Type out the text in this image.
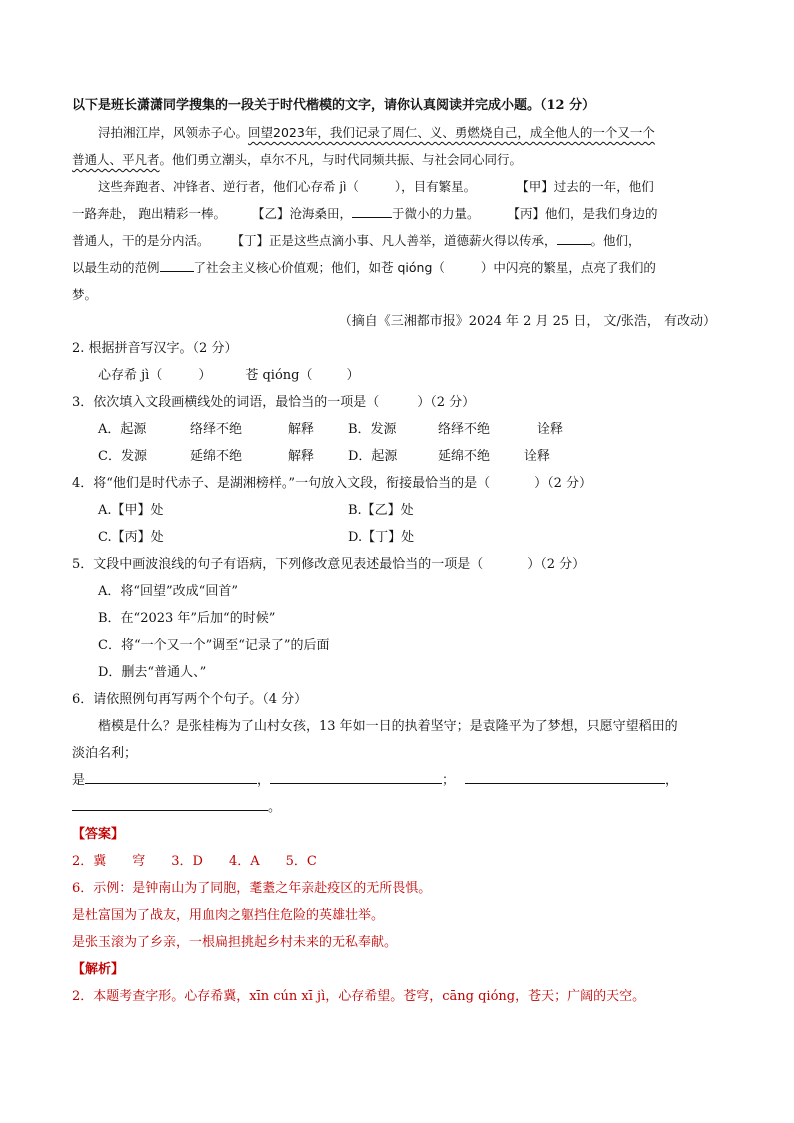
以下是班长潇潇同学搜集的一段关于时代楷模的文字，请你认真阅读并完成小题。（12 分）
浔拍湘江岸，风领赤子心。回望2023年，我们记录了周仁、义、勇燃烧自己，成全他人的一个又一个
普通人、平凡者。他们勇立潮头，卓尔不凡，与时代同频共振、与社会同心同行。
这些奔跑者、冲锋者、逆行者，他们心存希 jì（	），目有繁星。	【甲】过去的一年，他们
一路奔赴， 跑出精彩一棒。 【乙】沧海桑田，	于微小的力量。 【丙】他们，是我们身边的
普通人，干的是分内活。 【丁】正是这些点滴小事、凡人善举，道德薪火得以传承，	。他们，
以最生动的范例	了社会主义核心价值观；他们，如苍 qióng（	）中闪亮的繁星，点亮了我们的
梦。
（摘自《三湘都市报》2024 年 2 月 25 日， 文/张浩， 有改动）
2. 根据拼音写汉字。（2 分）
心存希 jì（	）	苍 qióng（	）
3．依次填入文段画横线处的词语，最恰当的一项是（	）（2 分）
A．起源	络绎不绝	解释	B．发源	络绎不绝	诠释
C．发源	延绵不绝	解释	D．起源	延绵不绝	诠释
4．将“他们是时代赤子、是湖湘榜样。”一句放入文段，衔接最恰当的是（	）（2 分）
A.【甲】处	B.【乙】处
C.【丙】处	D.【丁】处
5．文段中画波浪线的句子有语病，下列修改意见表述最恰当的一项是（	）（2 分）
A．将“回望”改成“回首”
B．在“2023 年”后加“的时候”
C．将“一个又一个”调至“记录了”的后面
D．删去“普通人、”
6．请依照例句再写两个个句子。（4 分）
楷模是什么？是张桂梅为了山村女孩，13 年如一日的执着坚守；是袁隆平为了梦想，只愿守望稻田的
淡泊名利；
是	，	；	，
。
【答案】
2．冀　　穹　　3．D　　4．A　　5．C
6．示例：是钟南山为了同胞，耄耋之年亲赴疫区的无所畏惧。
是杜富国为了战友，用血肉之躯挡住危险的英雄壮举。
是张玉滚为了乡亲，一根扁担挑起乡村未来的无私奉献。
【解析】
2．本题考查字形。心存希冀，xīn cún xī jì，心存希望。苍穹，cāng qióng，苍天；广阔的天空。
